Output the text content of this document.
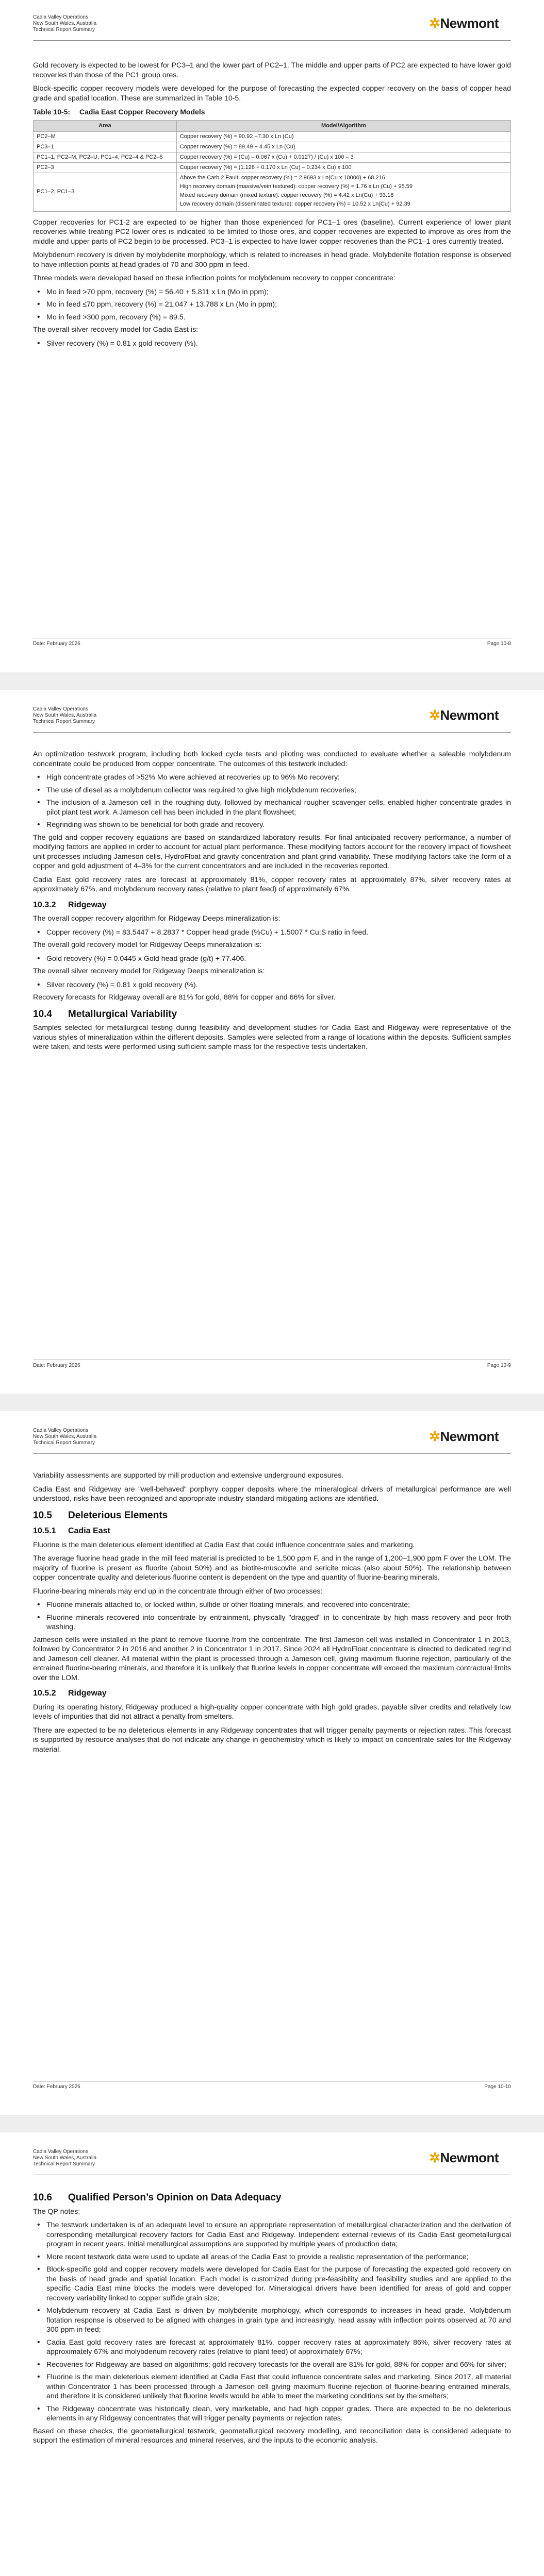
Cadia Valley Operations
New South Wales, Australia
Technical Report Summary	✲Newmont

Gold recovery is expected to be lowest for PC3–1 and the lower part of PC2–1. The middle and upper parts of PC2 are expected to have lower gold recoveries than those of the PC1 group ores.

Block-specific copper recovery models were developed for the purpose of forecasting the expected copper recovery on the basis of copper head grade and spatial location. These are summarized in Table 10-5.

Table 10-5: Cadia East Copper Recovery Models
Area	Model/Algorithm
PC2–M	Copper recovery (%) = 90.92 +7.30 x Ln (Cu)
PC3–1	Copper recovery (%) = 89.49 + 4.45 x Ln (Cu)
PC1–1, PC2–M, PC2–U, PC1–4, PC2–4 & PC2–5	Copper recovery (%) = (Cu) – 0.067 x (Cu) + 0.0127) / (Cu) x 100 – 3
PC2–3	Copper recovery (%) = (1.126 + 0.170 x Ln (Cu) – 0.234 x Cu) x 100
PC1–2, PC1–3	Above the Carb 2 Fault: copper recovery (%) = 2.9693 x Ln(Cu x 10000) + 68.216
High recovery domain (massive/vein textured): copper recovery (%) = 1.76 x Ln (Cu) + 95.59
Mixed recovery domain (mixed texture): copper recovery (%) = 4.42 x Ln(Cu) + 93.18
Low recovery domain (disseminated texture): copper recovery (%) = 10.52 x Ln(Cu) + 92.39

Copper recoveries for PC1-2 are expected to be higher than those experienced for PC1–1 ores (baseline). Current experience of lower plant recoveries while treating PC2 lower ores is indicated to be limited to those ores, and copper recoveries are expected to improve as ores from the middle and upper parts of PC2 begin to be processed. PC3–1 is expected to have lower copper recoveries than the PC1–1 ores currently treated.

Molybdenum recovery is driven by molybdenite morphology, which is related to increases in head grade. Molybdenite flotation response is observed to have inflection points at head grades of 70 and 300 ppm in feed.

Three models were developed based on these inflection points for molybdenum recovery to copper concentrate:

• Mo in feed >70 ppm, recovery (%) = 56.40 + 5.811 x Ln (Mo in ppm);
• Mo in feed ≤70 ppm, recovery (%) = 21.047 + 13.788 x Ln (Mo in ppm);
• Mo in feed >300 ppm, recovery (%) = 89.5.

The overall silver recovery model for Cadia East is:

• Silver recovery (%) = 0.81 x gold recovery (%).
Date: February 2026	Page 10-8
Cadia Valley Operations
New South Wales, Australia
Technical Report Summary	✲Newmont

An optimization testwork program, including both locked cycle tests and piloting was conducted to evaluate whether a saleable molybdenum concentrate could be produced from copper concentrate. The outcomes of this testwork included:

• High concentrate grades of >52% Mo were achieved at recoveries up to 96% Mo recovery;
• The use of diesel as a molybdenum collector was required to give high molybdenum recoveries;
• The inclusion of a Jameson cell in the roughing duty, followed by mechanical rougher scavenger cells, enabled higher concentrate grades in pilot plant test work. A Jameson cell has been included in the plant flowsheet;
• Regrinding was shown to be beneficial for both grade and recovery.

The gold and copper recovery equations are based on standardized laboratory results. For final anticipated recovery performance, a number of modifying factors are applied in order to account for actual plant performance. These modifying factors account for the recovery impact of flowsheet unit processes including Jameson cells, HydroFloat and gravity concentration and plant grind variability. These modifying factors take the form of a copper and gold adjustment of 4–3% for the current concentrators and are included in the recoveries reported.

Cadia East gold recovery rates are forecast at approximately 81%, copper recovery rates at approximately 87%, silver recovery rates at approximately 67%, and molybdenum recovery rates (relative to plant feed) of approximately 67%.

10.3.2 Ridgeway

The overall copper recovery algorithm for Ridgeway Deeps mineralization is:

• Copper recovery (%) = 83.5447 + 8.2837 * Copper head grade (%Cu) + 1.5007 * Cu:S ratio in feed.

The overall gold recovery model for Ridgeway Deeps mineralization is:

• Gold recovery (%) = 0.0445 x Gold head grade (g/t) + 77.406.

The overall silver recovery model for Ridgeway Deeps mineralization is:

• Silver recovery (%) = 0.81 x gold recovery (%).

Recovery forecasts for Ridgeway overall are 81% for gold, 88% for copper and 66% for silver.

10.4 Metallurgical Variability

Samples selected for metallurgical testing during feasibility and development studies for Cadia East and Ridgeway were representative of the various styles of mineralization within the different deposits. Samples were selected from a range of locations within the deposits. Sufficient samples were taken, and tests were performed using sufficient sample mass for the respective tests undertaken.

Date: February 2026	Page 10-9
Cadia Valley Operations
New South Wales, Australia
Technical Report Summary	✲Newmont

Variability assessments are supported by mill production and extensive underground exposures.

Cadia East and Ridgeway are "well-behaved" porphyry copper deposits where the mineralogical drivers of metallurgical performance are well understood, risks have been recognized and appropriate industry standard mitigating actions are identified.

10.5 Deleterious Elements
10.5.1 Cadia East

Fluorine is the main deleterious element identified at Cadia East that could influence concentrate sales and marketing.

The average fluorine head grade in the mill feed material is predicted to be 1,500 ppm F, and in the range of 1,200–1,900 ppm F over the LOM. The majority of fluorine is present as fluorite (about 50%) and as biotite-muscovite and sericite micas (also about 50%). The relationship between copper concentrate quality and deleterious fluorine content is dependent on the type and quantity of fluorine-bearing minerals.

Fluorine-bearing minerals may end up in the concentrate through either of two processes:

• Fluorine minerals attached to, or locked within, sulfide or other floating minerals, and recovered into concentrate;
• Fluorine minerals recovered into concentrate by entrainment, physically "dragged" in to concentrate by high mass recovery and poor froth washing.

Jameson cells were installed in the plant to remove fluorine from the concentrate. The first Jameson cell was installed in Concentrator 1 in 2013, followed by Concentrator 2 in 2016 and another 2 in Concentrator 1 in 2017. Since 2024 all HydroFloat concentrate is directed to dedicated regrind and Jameson cell cleaner. All material within the plant is processed through a Jameson cell, giving maximum fluorine rejection, particularly of the entrained fluorine-bearing minerals, and therefore it is unlikely that fluorine levels in copper concentrate will exceed the maximum contractual limits over the LOM.

10.5.2 Ridgeway

During its operating history, Ridgeway produced a high-quality copper concentrate with high gold grades, payable silver credits and relatively low levels of impurities that did not attract a penalty from smelters.

There are expected to be no deleterious elements in any Ridgeway concentrates that will trigger penalty payments or rejection rates. This forecast is supported by resource analyses that do not indicate any change in geochemistry which is likely to impact on concentrate sales for the Ridgeway material.

Date: February 2026	Page 10-10
Cadia Valley Operations
New South Wales, Australia
Technical Report Summary	✲Newmont
10.6 Qualified Person’s Opinion on Data Adequacy

The QP notes:

• The testwork undertaken is of an adequate level to ensure an appropriate representation of metallurgical characterization and the derivation of corresponding metallurgical recovery factors for Cadia East and Ridgeway. Independent external reviews of its Cadia East geometallurgical program in recent years. Initial metallurgical assumptions are supported by multiple years of production data;
• More recent testwork data were used to update all areas of the Cadia East to provide a realistic representation of the performance;
• Block-specific gold and copper recovery models were developed for Cadia East for the purpose of forecasting the expected gold recovery on the basis of head grade and spatial location. Each model is customized during pre-feasibility and feasibility studies and are applied to the specific Cadia East mine blocks the models were developed for. Mineralogical drivers have been identified for areas of gold and copper recovery variability linked to copper sulfide grain size;
• Molybdenum recovery at Cadia East is driven by molybdenite morphology, which corresponds to increases in head grade. Molybdenum flotation response is observed to be aligned with changes in grain type and increasingly, head assay with inflection points observed at 70 and 300 ppm in feed;
• Cadia East gold recovery rates are forecast at approximately 81%, copper recovery rates at approximately 86%, silver recovery rates at approximately 67% and molybdenum recovery rates (relative to plant feed) of approximately 67%;
• Recoveries for Ridgeway are based on algorithms; gold recovery forecasts for the overall are 81% for gold, 88% for copper and 66% for silver;
• Fluorine is the main deleterious element identified at Cadia East that could influence concentrate sales and marketing. Since 2017, all material within Concentrator 1 has been processed through a Jameson cell giving maximum fluorine rejection of fluorine-bearing entrained minerals, and therefore it is considered unlikely that fluorine levels would be able to meet the marketing conditions set by the smelters;
• The Ridgeway concentrate was historically clean, very marketable, and had high copper grades. There are expected to be no deleterious elements in any Ridgeway concentrates that will trigger penalty payments or rejection rates.

Based on these checks, the geometallurgical testwork, geometallurgical recovery modelling, and reconciliation data is considered adequate to support the estimation of mineral resources and mineral reserves, and the inputs to the economic analysis.
